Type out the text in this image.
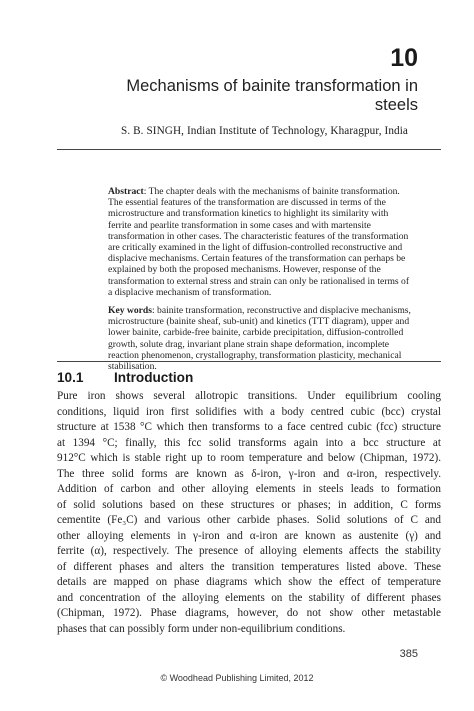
10
Mechanisms of bainite transformation in
steels
S. B. SINGH, Indian Institute of Technology, Kharagpur, India
Abstract: The chapter deals with the mechanisms of bainite transformation. The essential features of the transformation are discussed in terms of the microstructure and transformation kinetics to highlight its similarity with ferrite and pearlite transformation in some cases and with martensite transformation in other cases. The characteristic features of the transformation are critically examined in the light of diffusion-controlled reconstructive and displacive mechanisms. Certain features of the transformation can perhaps be explained by both the proposed mechanisms. However, response of the transformation to external stress and strain can only be rationalised in terms of a displacive mechanism of transformation.
Key words: bainite transformation, reconstructive and displacive mechanisms, microstructure (bainite sheaf, sub-unit) and kinetics (TTT diagram), upper and lower bainite, carbide-free bainite, carbide precipitation, diffusion-controlled growth, solute drag, invariant plane strain shape deformation, incomplete reaction phenomenon, crystallography, transformation plasticity, mechanical stabilisation.
10.1 Introduction
Pure iron shows several allotropic transitions. Under equilibrium cooling
conditions, liquid iron first solidifies with a body centred cubic (bcc) crystal
structure at 1538 °C which then transforms to a face centred cubic (fcc) structure
at 1394 °C; finally, this fcc solid transforms again into a bcc structure at
912°C which is stable right up to room temperature and below (Chipman, 1972).
The three solid forms are known as δ-iron, γ-iron and α-iron, respectively.
Addition of carbon and other alloying elements in steels leads to formation
of solid solutions based on these structures or phases; in addition, C forms
cementite (Fe₃C) and various other carbide phases. Solid solutions of C and
other alloying elements in γ-iron and α-iron are known as austenite (γ) and
ferrite (α), respectively. The presence of alloying elements affects the stability
of different phases and alters the transition temperatures listed above. These
details are mapped on phase diagrams which show the effect of temperature
and concentration of the alloying elements on the stability of different phases
(Chipman, 1972). Phase diagrams, however, do not show other metastable
phases that can possibly form under non-equilibrium conditions.
385
© Woodhead Publishing Limited, 2012
